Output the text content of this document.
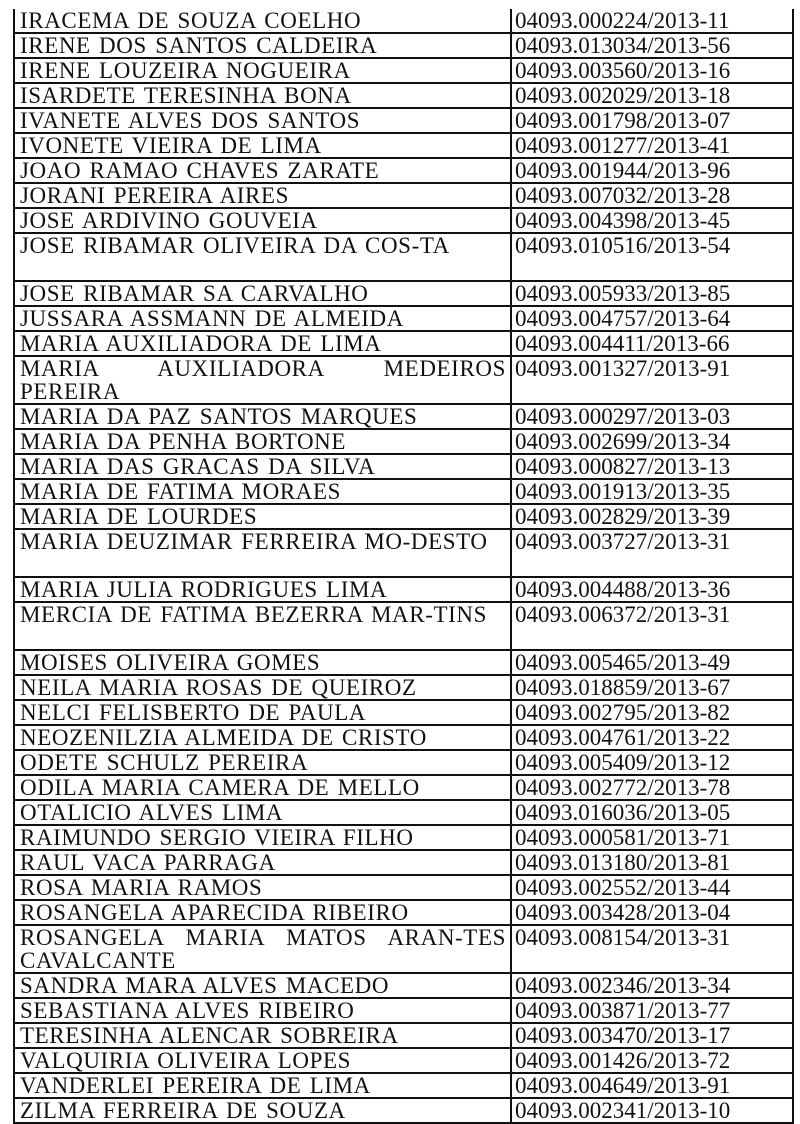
IRACEMA DE SOUZA COELHO	04093.000224/2013-11
IRENE DOS SANTOS CALDEIRA	04093.013034/2013-56
IRENE LOUZEIRA NOGUEIRA	04093.003560/2013-16
ISARDETE TERESINHA BONA	04093.002029/2013-18
IVANETE ALVES DOS SANTOS	04093.001798/2013-07
IVONETE VIEIRA DE LIMA	04093.001277/2013-41
JOAO RAMAO CHAVES ZARATE	04093.001944/2013-96
JORANI PEREIRA AIRES	04093.007032/2013-28
JOSE ARDIVINO GOUVEIA	04093.004398/2013-45
JOSE RIBAMAR OLIVEIRA DA COS-TA	04093.010516/2013-54
JOSE RIBAMAR SA CARVALHO	04093.005933/2013-85
JUSSARA ASSMANN DE ALMEIDA	04093.004757/2013-64
MARIA AUXILIADORA DE LIMA	04093.004411/2013-66
MARIA AUXILIADORA MEDEIROS PEREIRA	04093.001327/2013-91
MARIA DA PAZ SANTOS MARQUES	04093.000297/2013-03
MARIA DA PENHA BORTONE	04093.002699/2013-34
MARIA DAS GRACAS DA SILVA	04093.000827/2013-13
MARIA DE FATIMA MORAES	04093.001913/2013-35
MARIA DE LOURDES	04093.002829/2013-39
MARIA DEUZIMAR FERREIRA MO-DESTO	04093.003727/2013-31
MARIA JULIA RODRIGUES LIMA	04093.004488/2013-36
MERCIA DE FATIMA BEZERRA MAR-TINS	04093.006372/2013-31
MOISES OLIVEIRA GOMES	04093.005465/2013-49
NEILA MARIA ROSAS DE QUEIROZ	04093.018859/2013-67
NELCI FELISBERTO DE PAULA	04093.002795/2013-82
NEOZENILZIA ALMEIDA DE CRISTO	04093.004761/2013-22
ODETE SCHULZ PEREIRA	04093.005409/2013-12
ODILA MARIA CAMERA DE MELLO	04093.002772/2013-78
OTALICIO ALVES LIMA	04093.016036/2013-05
RAIMUNDO SERGIO VIEIRA FILHO	04093.000581/2013-71
RAUL VACA PARRAGA	04093.013180/2013-81
ROSA MARIA RAMOS	04093.002552/2013-44
ROSANGELA APARECIDA RIBEIRO	04093.003428/2013-04
ROSANGELA MARIA MATOS ARAN-TES CAVALCANTE	04093.008154/2013-31
SANDRA MARA ALVES MACEDO	04093.002346/2013-34
SEBASTIANA ALVES RIBEIRO	04093.003871/2013-77
TERESINHA ALENCAR SOBREIRA	04093.003470/2013-17
VALQUIRIA OLIVEIRA LOPES	04093.001426/2013-72
VANDERLEI PEREIRA DE LIMA	04093.004649/2013-91
ZILMA FERREIRA DE SOUZA	04093.002341/2013-10
